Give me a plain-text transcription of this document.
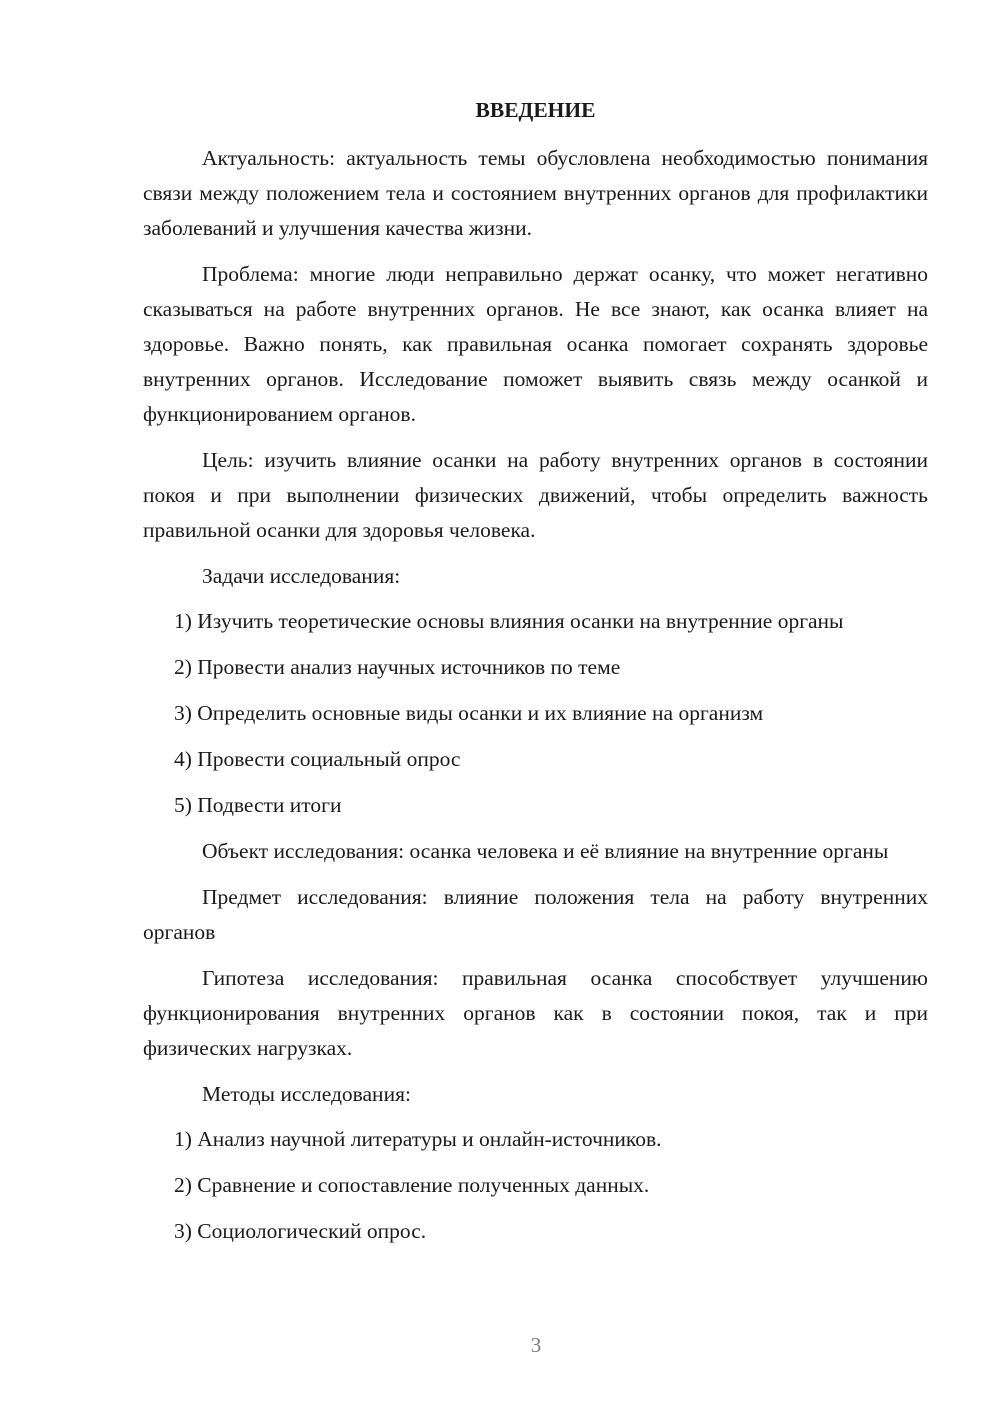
ВВЕДЕНИЕ

Актуальность: актуальность темы обусловлена необходимостью понимания связи между положением тела и состоянием внутренних органов для профилактики заболеваний и улучшения качества жизни.

Проблема: многие люди неправильно держат осанку, что может негативно сказываться на работе внутренних органов. Не все знают, как осанка влияет на здоровье. Важно понять, как правильная осанка помогает сохранять здоровье внутренних органов. Исследование поможет выявить связь между осанкой и функционированием органов.

Цель: изучить влияние осанки на работу внутренних органов в состоянии покоя и при выполнении физических движений, чтобы определить важность правильной осанки для здоровья человека.

Задачи исследования:

1) Изучить теоретические основы влияния осанки на внутренние органы

2) Провести анализ научных источников по теме

3) Определить основные виды осанки и их влияние на организм

4) Провести социальный опрос

5) Подвести итоги

Объект исследования: осанка человека и её влияние на внутренние органы

Предмет исследования: влияние положения тела на работу внутренних органов

Гипотеза исследования: правильная осанка способствует улучшению функционирования внутренних органов как в состоянии покоя, так и при физических нагрузках.

Методы исследования:

1) Анализ научной литературы и онлайн-источников.

2) Сравнение и сопоставление полученных данных.

3) Социологический опрос.

3
